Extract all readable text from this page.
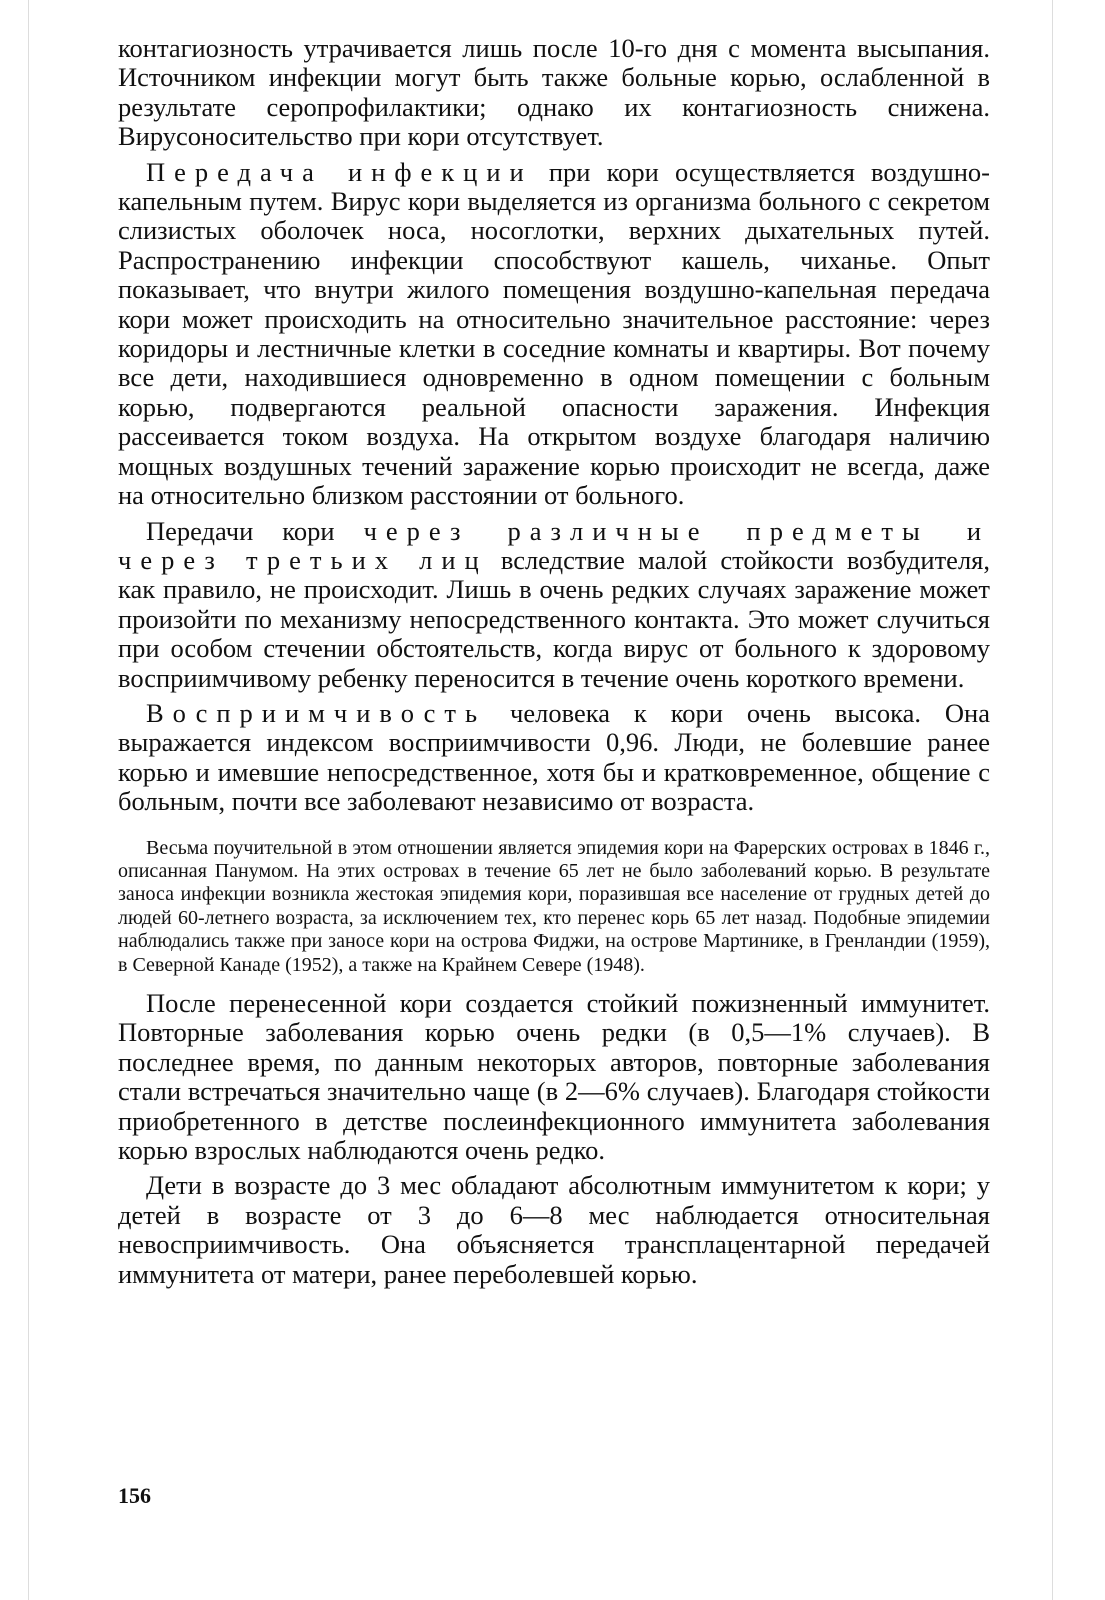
контагиозность утрачивается лишь после 10-го дня с момента высыпания. Источником инфекции могут быть также больные корью, ослабленной в результате серопрофилактики; однако их контагиозность снижена. Вирусоносительство при кори отсутствует.

Передача инфекции при кори осуществляется воздушно-капельным путем. Вирус кори выделяется из организма больного с секретом слизистых оболочек носа, носоглотки, верхних дыхательных путей. Распространению инфекции способствуют кашель, чиханье. Опыт показывает, что внутри жилого помещения воздушно-капельная передача кори может происходить на относительно значительное расстояние: через коридоры и лестничные клетки в соседние комнаты и квартиры. Вот почему все дети, находившиеся одновременно в одном помещении с больным корью, подвергаются реальной опасности заражения. Инфекция рассеивается током воздуха. На открытом воздухе благодаря наличию мощных воздушных течений заражение корью происходит не всегда, даже на относительно близком расстоянии от больного.

Передачи кори через различные предметы и через третьих лиц вследствие малой стойкости возбудителя, как правило, не происходит. Лишь в очень редких случаях заражение может произойти по механизму непосредственного контакта. Это может случиться при особом стечении обстоятельств, когда вирус от больного к здоровому восприимчивому ребенку переносится в течение очень короткого времени.

Восприимчивость человека к кори очень высока. Она выражается индексом восприимчивости 0,96. Люди, не болевшие ранее корью и имевшие непосредственное, хотя бы и кратковременное, общение с больным, почти все заболевают независимо от возраста.

Весьма поучительной в этом отношении является эпидемия кори на Фарерских островах в 1846 г., описанная Панумом. На этих островах в течение 65 лет не было заболеваний корью. В результате заноса инфекции возникла жестокая эпидемия кори, поразившая все население от грудных детей до людей 60-летнего возраста, за исключением тех, кто перенес корь 65 лет назад. Подобные эпидемии наблюдались также при заносе кори на острова Фиджи, на острове Мартинике, в Гренландии (1959), в Северной Канаде (1952), а также на Крайнем Севере (1948).

После перенесенной кори создается стойкий пожизненный иммунитет. Повторные заболевания корью очень редки (в 0,5—1% случаев). В последнее время, по данным некоторых авторов, повторные заболевания стали встречаться значительно чаще (в 2—6% случаев). Благодаря стойкости приобретенного в детстве послеинфекционного иммунитета заболевания корью взрослых наблюдаются очень редко.

Дети в возрасте до 3 мес обладают абсолютным иммунитетом к кори; у детей в возрасте от 3 до 6—8 мес наблюдается относительная невосприимчивость. Она объясняется трансплацентарной передачей иммунитета от матери, ранее переболевшей корью.

156
